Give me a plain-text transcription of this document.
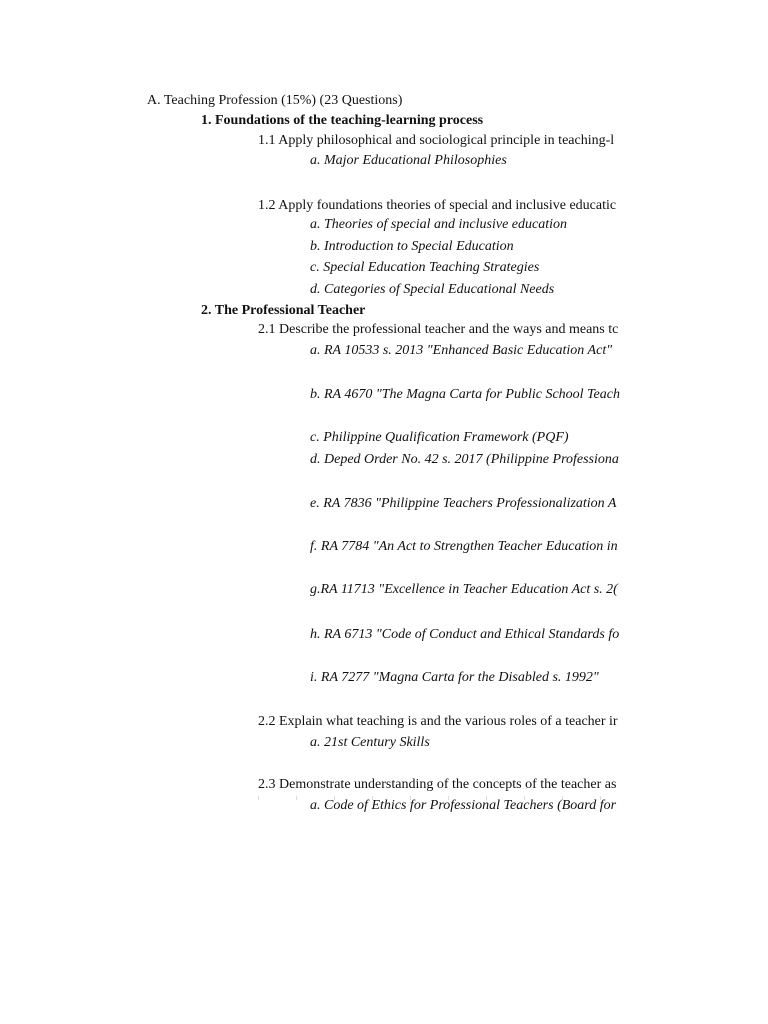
A. Teaching Profession (15%) (23 Questions)
1. Foundations of the teaching-learning process
1.1 Apply philosophical and sociological principle in teaching-l
a. Major Educational Philosophies
1.2 Apply foundations theories of special and inclusive educatic
a. Theories of special and inclusive education
b. Introduction to Special Education
c. Special Education Teaching Strategies
d. Categories of Special Educational Needs
2. The Professional Teacher
2.1 Describe the professional teacher and the ways and means tc
a. RA 10533 s. 2013 "Enhanced Basic Education Act"
b. RA 4670 "The Magna Carta for Public School Teach
c. Philippine Qualification Framework (PQF)
d. Deped Order No. 42 s. 2017 (Philippine Professiona
e. RA 7836 "Philippine Teachers Professionalization A
f. RA 7784 "An Act to Strengthen Teacher Education in
g.RA 11713 "Excellence in Teacher Education Act s. 2(
h. RA 6713 "Code of Conduct and Ethical Standards fo
i. RA 7277 "Magna Carta for the Disabled s. 1992"
2.2 Explain what teaching is and the various roles of a teacher ir
a. 21st Century Skills
2.3 Demonstrate understanding of the concepts of the teacher as
a. Code of Ethics for Professional Teachers (Board for
